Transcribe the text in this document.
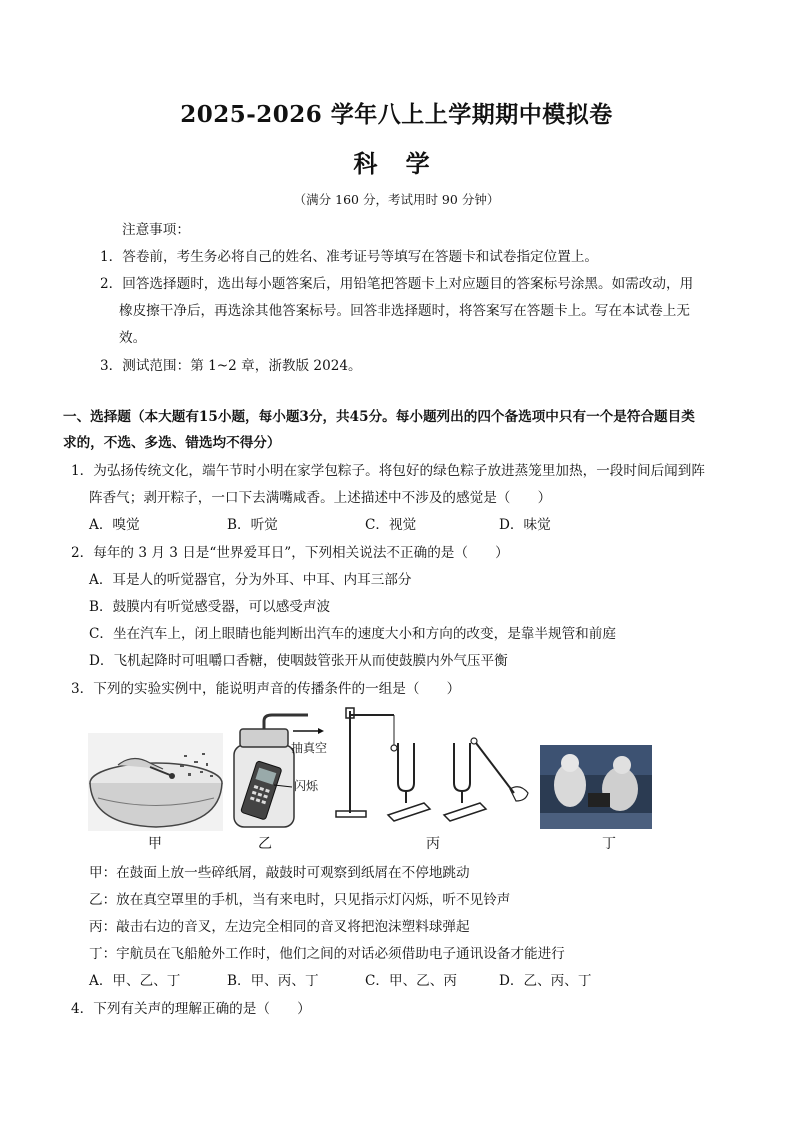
2025-2026 学年八上上学期期中模拟卷
科 学
（满分 160 分，考试用时 90 分钟）
注意事项：
1．答卷前，考生务必将自己的姓名、准考证号等填写在答题卡和试卷指定位置上。
2．回答选择题时，选出每小题答案后，用铅笔把答题卡上对应题目的答案标号涂黑。如需改动，用
橡皮擦干净后，再选涂其他答案标号。回答非选择题时，将答案写在答题卡上。写在本试卷上无
效。
3．测试范围：第 1~2 章，浙教版 2024。
一、选择题（本大题有15小题，每小题3分，共45分。每小题列出的四个备选项中只有一个是符合题目类
求的，不选、多选、错选均不得分）
1．为弘扬传统文化，端午节时小明在家学包粽子。将包好的绿色粽子放进蒸笼里加热，一段时间后闻到阵
阵香气；剥开粽子，一口下去满嘴咸香。上述描述中不涉及的感觉是（　　）
A．嗅觉	B．听觉	C．视觉	D．味觉
2．每年的 3 月 3 日是“世界爱耳日”，下列相关说法不正确的是（　　）
A．耳是人的听觉器官，分为外耳、中耳、内耳三部分
B．鼓膜内有听觉感受器，可以感受声波
C．坐在汽车上，闭上眼睛也能判断出汽车的速度大小和方向的改变，是靠半规管和前庭
D．飞机起降时可咀嚼口香糖，使咽鼓管张开从而使鼓膜内外气压平衡
3．下列的实验实例中，能说明声音的传播条件的一组是（　　）
抽真空
闪烁
甲	乙	丙	丁
甲：在鼓面上放一些碎纸屑，敲鼓时可观察到纸屑在不停地跳动
乙：放在真空罩里的手机，当有来电时，只见指示灯闪烁，听不见铃声
丙：敲击右边的音叉，左边完全相同的音叉将把泡沫塑料球弹起
丁：宇航员在飞船舱外工作时，他们之间的对话必须借助电子通讯设备才能进行
A．甲、乙、丁	B．甲、丙、丁	C．甲、乙、丙	D．乙、丙、丁
4．下列有关声的理解正确的是（　　）
